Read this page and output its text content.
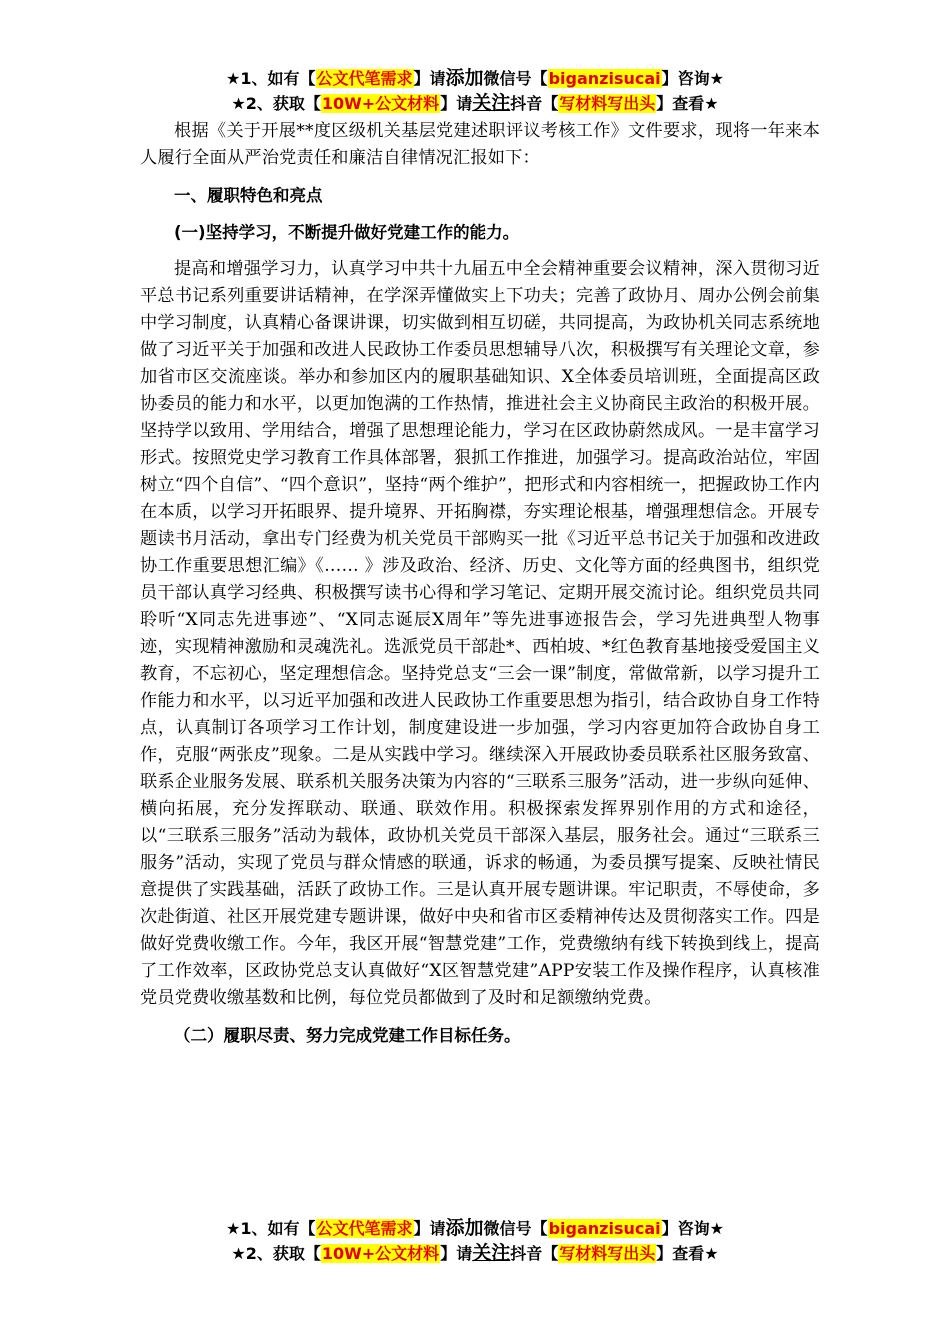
★1、如有【公文代笔需求】请添加微信号【biganzisucai】咨询★
★2、获取【10W+公文材料】请关注抖音【写材料写出头】查看★

根据《关于开展**度区级机关基层党建述职评议考核工作》文件要求，现将一年来本人履行全面从严治党责任和廉洁自律情况汇报如下：

一、履职特色和亮点

(一)坚持学习，不断提升做好党建工作的能力。

提高和增强学习力，认真学习中共十九届五中全会精神重要会议精神，深入贯彻习近平总书记系列重要讲话精神，在学深弄懂做实上下功夫；完善了政协月、周办公例会前集中学习制度，认真精心备课讲课，切实做到相互切磋，共同提高，为政协机关同志系统地做了习近平关于加强和改进人民政协工作委员思想辅导八次，积极撰写有关理论文章，参加省市区交流座谈。举办和参加区内的履职基础知识、X全体委员培训班，全面提高区政协委员的能力和水平，以更加饱满的工作热情，推进社会主义协商民主政治的积极开展。坚持学以致用、学用结合，增强了思想理论能力，学习在区政协蔚然成风。一是丰富学习形式。按照党史学习教育工作具体部署，狠抓工作推进，加强学习。提高政治站位，牢固树立“四个自信”、“四个意识”，坚持“两个维护”，把形式和内容相统一，把握政协工作内在本质，以学习开拓眼界、提升境界、开拓胸襟，夯实理论根基，增强理想信念。开展专题读书月活动，拿出专门经费为机关党员干部购买一批《习近平总书记关于加强和改进政协工作重要思想汇编》《…… 》涉及政治、经济、历史、文化等方面的经典图书，组织党员干部认真学习经典、积极撰写读书心得和学习笔记、定期开展交流讨论。组织党员共同聆听“X同志先进事迹”、“X同志诞辰X周年”等先进事迹报告会，学习先进典型人物事迹，实现精神激励和灵魂洗礼。选派党员干部赴*、西柏坡、*红色教育基地接受爱国主义教育，不忘初心，坚定理想信念。坚持党总支“三会一课”制度，常做常新，以学习提升工作能力和水平，以习近平加强和改进人民政协工作重要思想为指引，结合政协自身工作特点，认真制订各项学习工作计划，制度建设进一步加强，学习内容更加符合政协自身工作，克服“两张皮”现象。二是从实践中学习。继续深入开展政协委员联系社区服务致富、联系企业服务发展、联系机关服务决策为内容的“三联系三服务”活动，进一步纵向延伸、横向拓展，充分发挥联动、联通、联效作用。积极探索发挥界别作用的方式和途径，以“三联系三服务”活动为载体，政协机关党员干部深入基层，服务社会。通过“三联系三服务”活动，实现了党员与群众情感的联通，诉求的畅通，为委员撰写提案、反映社情民意提供了实践基础，活跃了政协工作。三是认真开展专题讲课。牢记职责，不辱使命，多次赴街道、社区开展党建专题讲课，做好中央和省市区委精神传达及贯彻落实工作。四是做好党费收缴工作。今年，我区开展“智慧党建”工作，党费缴纳有线下转换到线上，提高了工作效率，区政协党总支认真做好“X区智慧党建”APP安装工作及操作程序，认真核准党员党费收缴基数和比例，每位党员都做到了及时和足额缴纳党费。

（二）履职尽责、努力完成党建工作目标任务。

★1、如有【公文代笔需求】请添加微信号【biganzisucai】咨询★
★2、获取【10W+公文材料】请关注抖音【写材料写出头】查看★
